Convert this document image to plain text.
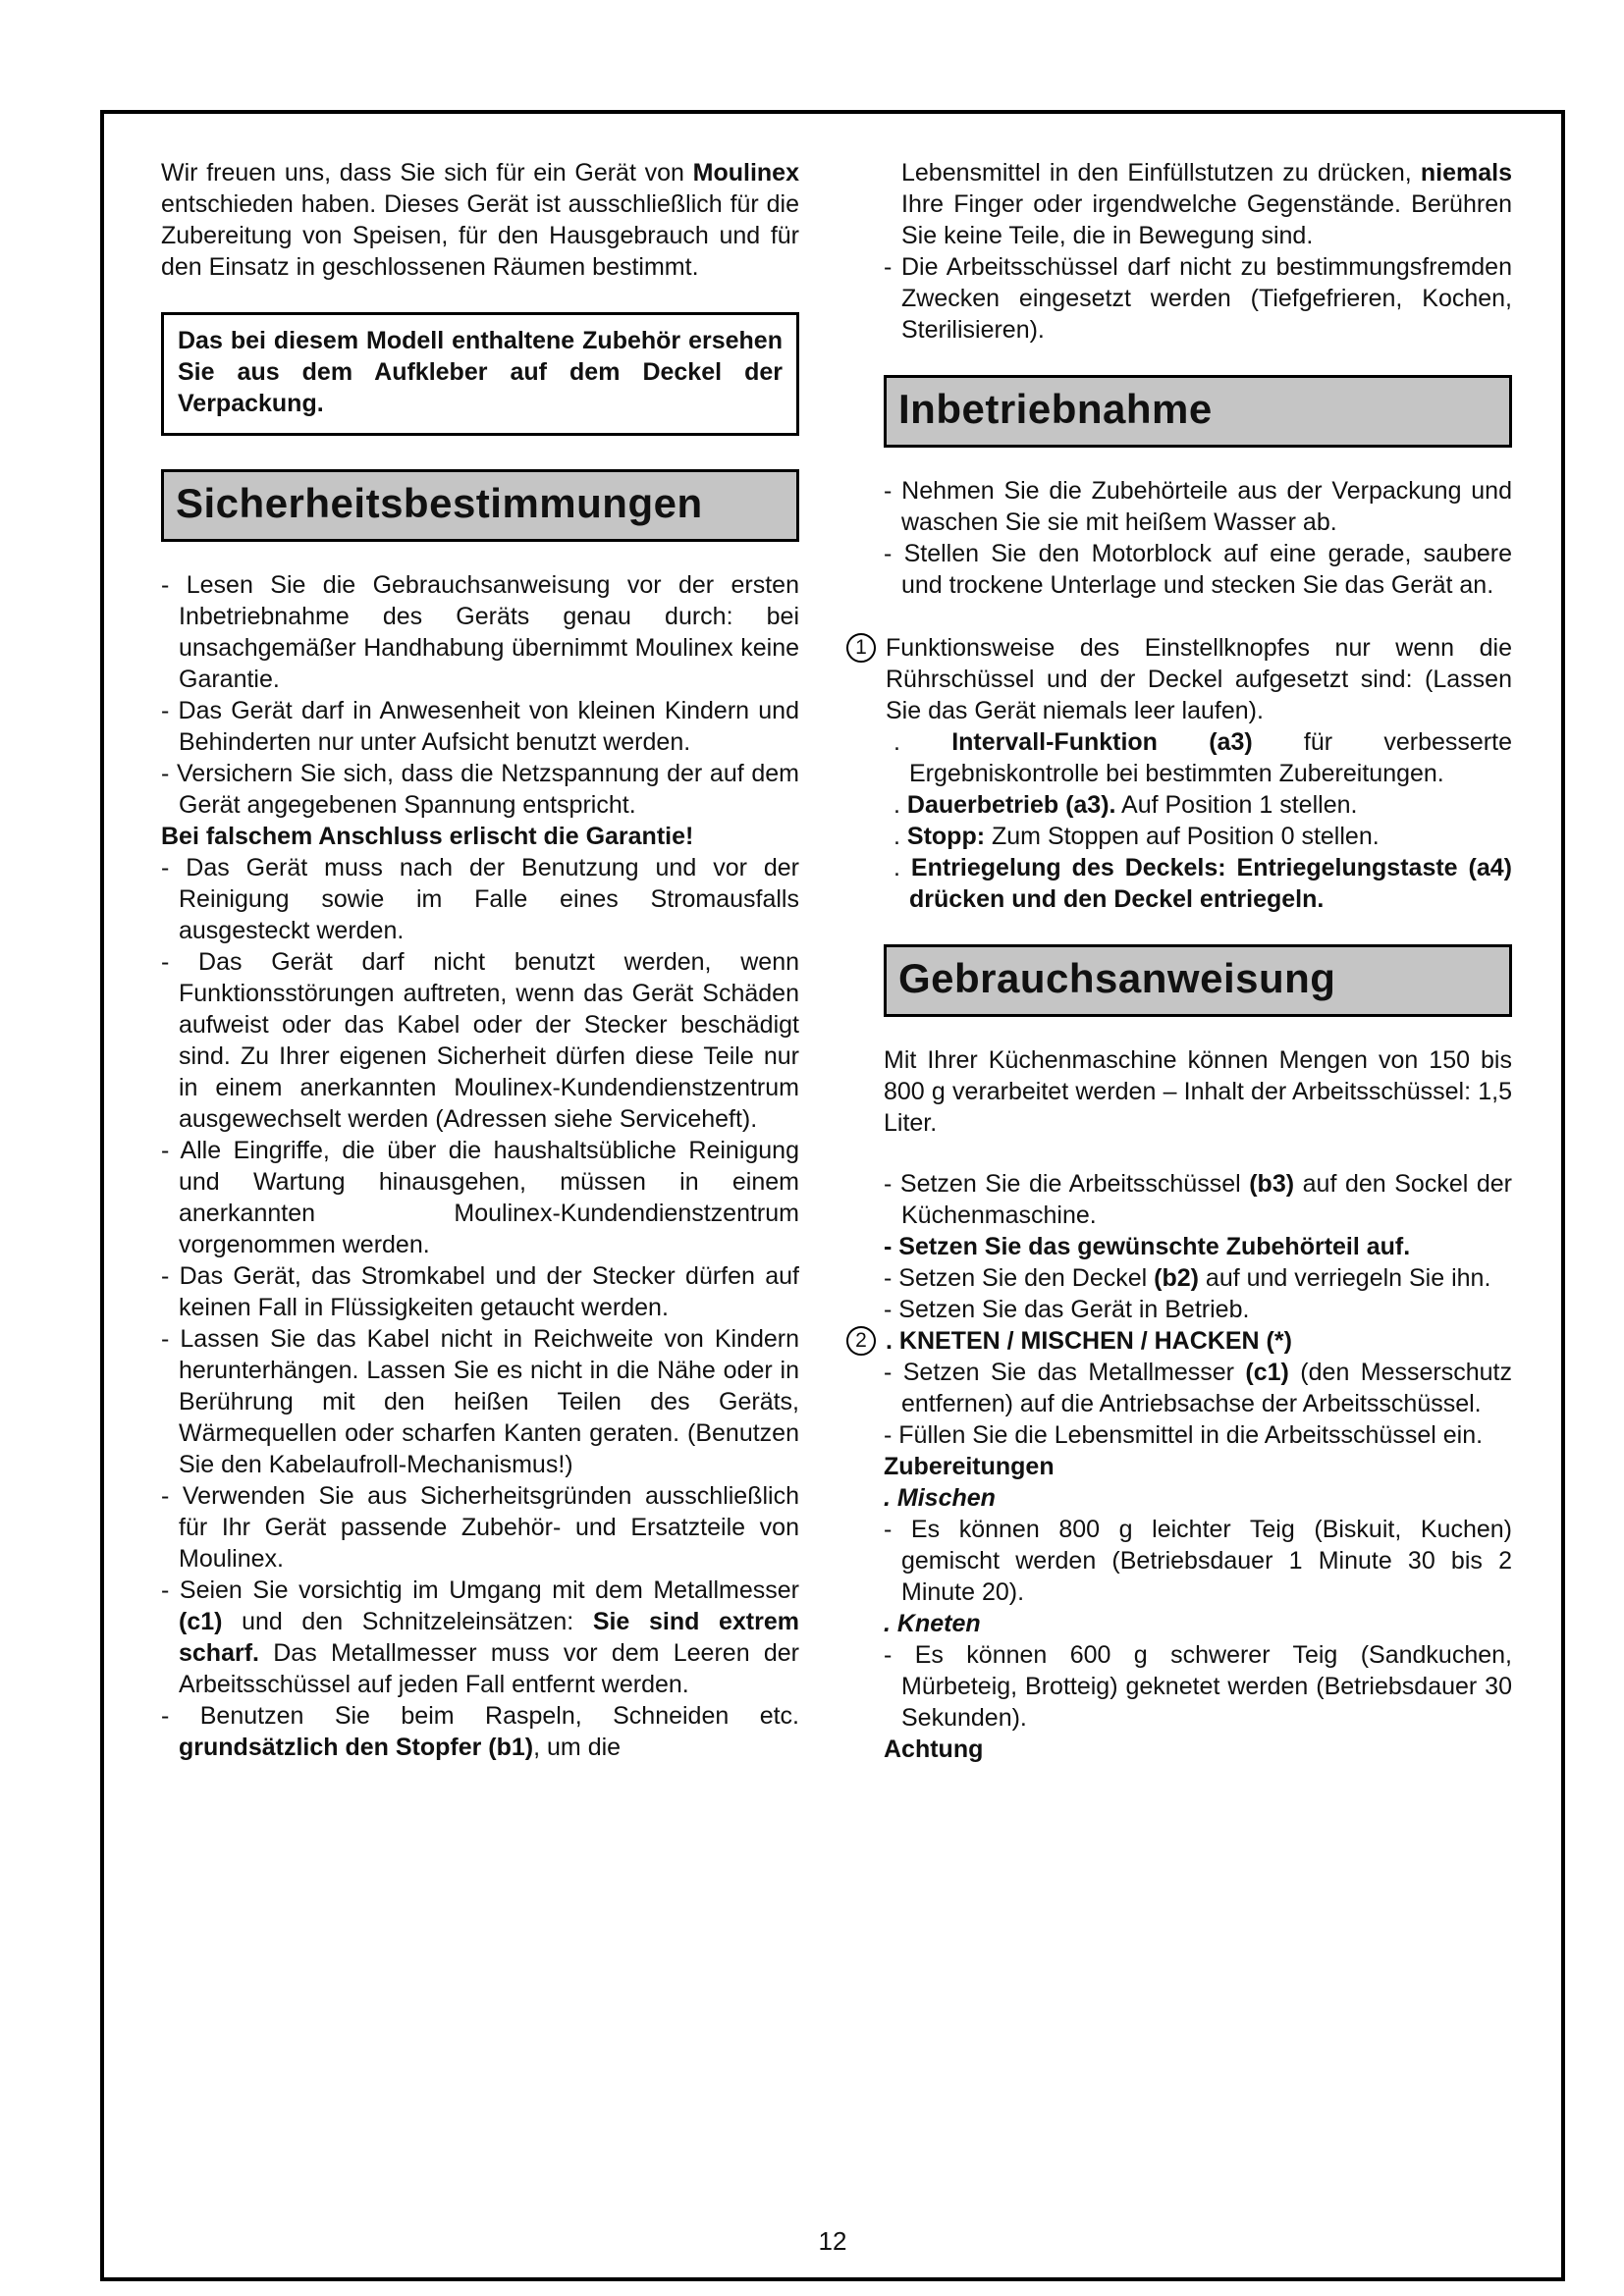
Wir freuen uns, dass Sie sich für ein Gerät von Moulinex entschieden haben. Dieses Gerät ist ausschließlich für die Zubereitung von Speisen, für den Hausgebrauch und für den Einsatz in geschlossenen Räumen bestimmt.
Das bei diesem Modell enthaltene Zubehör ersehen Sie aus dem Aufkleber auf dem Deckel der Verpackung.
Sicherheitsbestimmungen
- Lesen Sie die Gebrauchsanweisung vor der ersten Inbetriebnahme des Geräts genau durch: bei unsachgemäßer Handhabung übernimmt Moulinex keine Garantie.
- Das Gerät darf in Anwesenheit von kleinen Kindern und Behinderten nur unter Aufsicht benutzt werden.
- Versichern Sie sich, dass die Netzspannung der auf dem Gerät angegebenen Spannung entspricht.
Bei falschem Anschluss erlischt die Garantie!
- Das Gerät muss nach der Benutzung und vor der Reinigung sowie im Falle eines Stromausfalls ausgesteckt werden.
- Das Gerät darf nicht benutzt werden, wenn Funktionsstörungen auftreten, wenn das Gerät Schäden aufweist oder das Kabel oder der Stecker beschädigt sind. Zu Ihrer eigenen Sicherheit dürfen diese Teile nur in einem anerkannten Moulinex-Kundendienstzentrum ausgewechselt werden (Adressen siehe Serviceheft).
- Alle Eingriffe, die über die haushaltsübliche Reinigung und Wartung hinausgehen, müssen in einem anerkannten Moulinex-Kundendienstzentrum vorgenommen werden.
- Das Gerät, das Stromkabel und der Stecker dürfen auf keinen Fall in Flüssigkeiten getaucht werden.
- Lassen Sie das Kabel nicht in Reichweite von Kindern herunterhängen. Lassen Sie es nicht in die Nähe oder in Berührung mit den heißen Teilen des Geräts, Wärmequellen oder scharfen Kanten geraten. (Benutzen Sie den Kabelaufroll-Mechanismus!)
- Verwenden Sie aus Sicherheitsgründen ausschließlich für Ihr Gerät passende Zubehör- und Ersatzteile von Moulinex.
- Seien Sie vorsichtig im Umgang mit dem Metallmesser (c1) und den Schnitzeleinsätzen: Sie sind extrem scharf. Das Metallmesser muss vor dem Leeren der Arbeitsschüssel auf jeden Fall entfernt werden.
- Benutzen Sie beim Raspeln, Schneiden etc. grundsätzlich den Stopfer (b1), um die
Lebensmittel in den Einfüllstutzen zu drücken, niemals Ihre Finger oder irgendwelche Gegenstände. Berühren Sie keine Teile, die in Bewegung sind.
- Die Arbeitsschüssel darf nicht zu bestimmungsfremden Zwecken eingesetzt werden (Tiefgefrieren, Kochen, Sterilisieren).
Inbetriebnahme
- Nehmen Sie die Zubehörteile aus der Verpackung und waschen Sie sie mit heißem Wasser ab.
- Stellen Sie den Motorblock auf eine gerade, saubere und trockene Unterlage und stecken Sie das Gerät an.
1 Funktionsweise des Einstellknopfes nur wenn die Rührschüssel und der Deckel aufgesetzt sind: (Lassen Sie das Gerät niemals leer laufen).
. Intervall-Funktion (a3) für verbesserte Ergebniskontrolle bei bestimmten Zubereitungen.
. Dauerbetrieb (a3). Auf Position 1 stellen.
. Stopp: Zum Stoppen auf Position 0 stellen.
. Entriegelung des Deckels: Entriegelungstaste (a4) drücken und den Deckel entriegeln.
Gebrauchsanweisung
Mit Ihrer Küchenmaschine können Mengen von 150 bis 800 g verarbeitet werden – Inhalt der Arbeitsschüssel: 1,5 Liter.
- Setzen Sie die Arbeitsschüssel (b3) auf den Sockel der Küchenmaschine.
- Setzen Sie das gewünschte Zubehörteil auf.
- Setzen Sie den Deckel (b2) auf und verriegeln Sie ihn.
- Setzen Sie das Gerät in Betrieb.
2 . KNETEN / MISCHEN / HACKEN (*)
- Setzen Sie das Metallmesser (c1) (den Messerschutz entfernen) auf die Antriebsachse der Arbeitsschüssel.
- Füllen Sie die Lebensmittel in die Arbeitsschüssel ein.
Zubereitungen
. Mischen
- Es können 800 g leichter Teig (Biskuit, Kuchen) gemischt werden (Betriebsdauer 1 Minute 30 bis 2 Minute 20).
. Kneten
- Es können 600 g schwerer Teig (Sandkuchen, Mürbeteig, Brotteig) geknetet werden (Betriebsdauer 30 Sekunden).
Achtung
12
